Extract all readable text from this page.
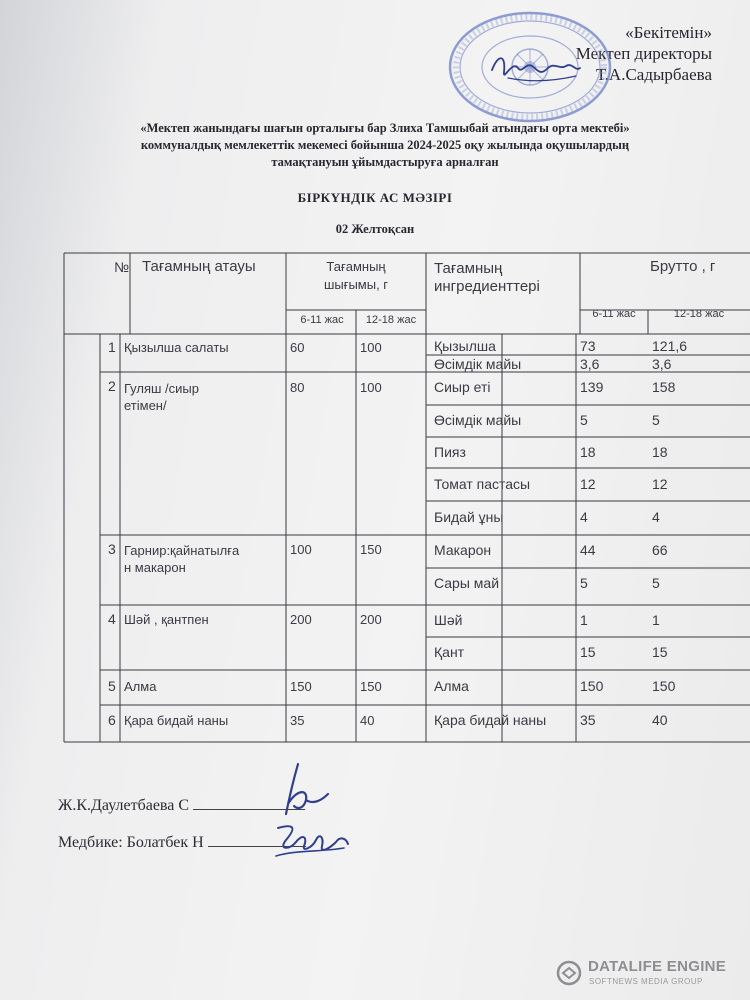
«Бекітемін»
Мектеп директоры
Т.А.Садырбаева
«Мектеп жанындағы шағын орталығы бар Злиха Тамшыбай атындағы орта мектебі»
коммуналдық мемлекеттік мекемесі бойынша 2024-2025 оқу жылында оқушылардың
тамақтануын ұйымдастыруға арналған
БІРКҮНДІК АС МӘЗІРІ
02 Желтоқсан
№ Тағамның атауы	Тағамның
шығымы, г
Тағамның
ингредиенттері
Брутто , г
6-11 жас	12-18 жас	6-11 жас	12-18 жас
1 Қызылша салаты	60	100	Қызылша	73	121,6
Өсімдік майы	3,6	3,6
2 Гуляш /сиыр
етімен/
80	100	Сиыр еті	139	158
Өсімдік майы	5	5
Пияз	18	18
Томат пастасы	12	12
Бидай ұны	4	4
3 Гарнир:қайнатылға
н макарон
100	150	Макарон	44	66
Сары май	5	5
4 Шәй , қантпен	200	200	Шәй	1	1
Қант	15	15
5 Алма	150	150	Алма	150	150
6 Қара бидай наны	35	40	Қара бидай наны 35	40
Ж.К.Даулетбаева С
Медбике: Болатбек Н
DATALIFE ENGINE
SOFTNEWS MEDIA GROUP
